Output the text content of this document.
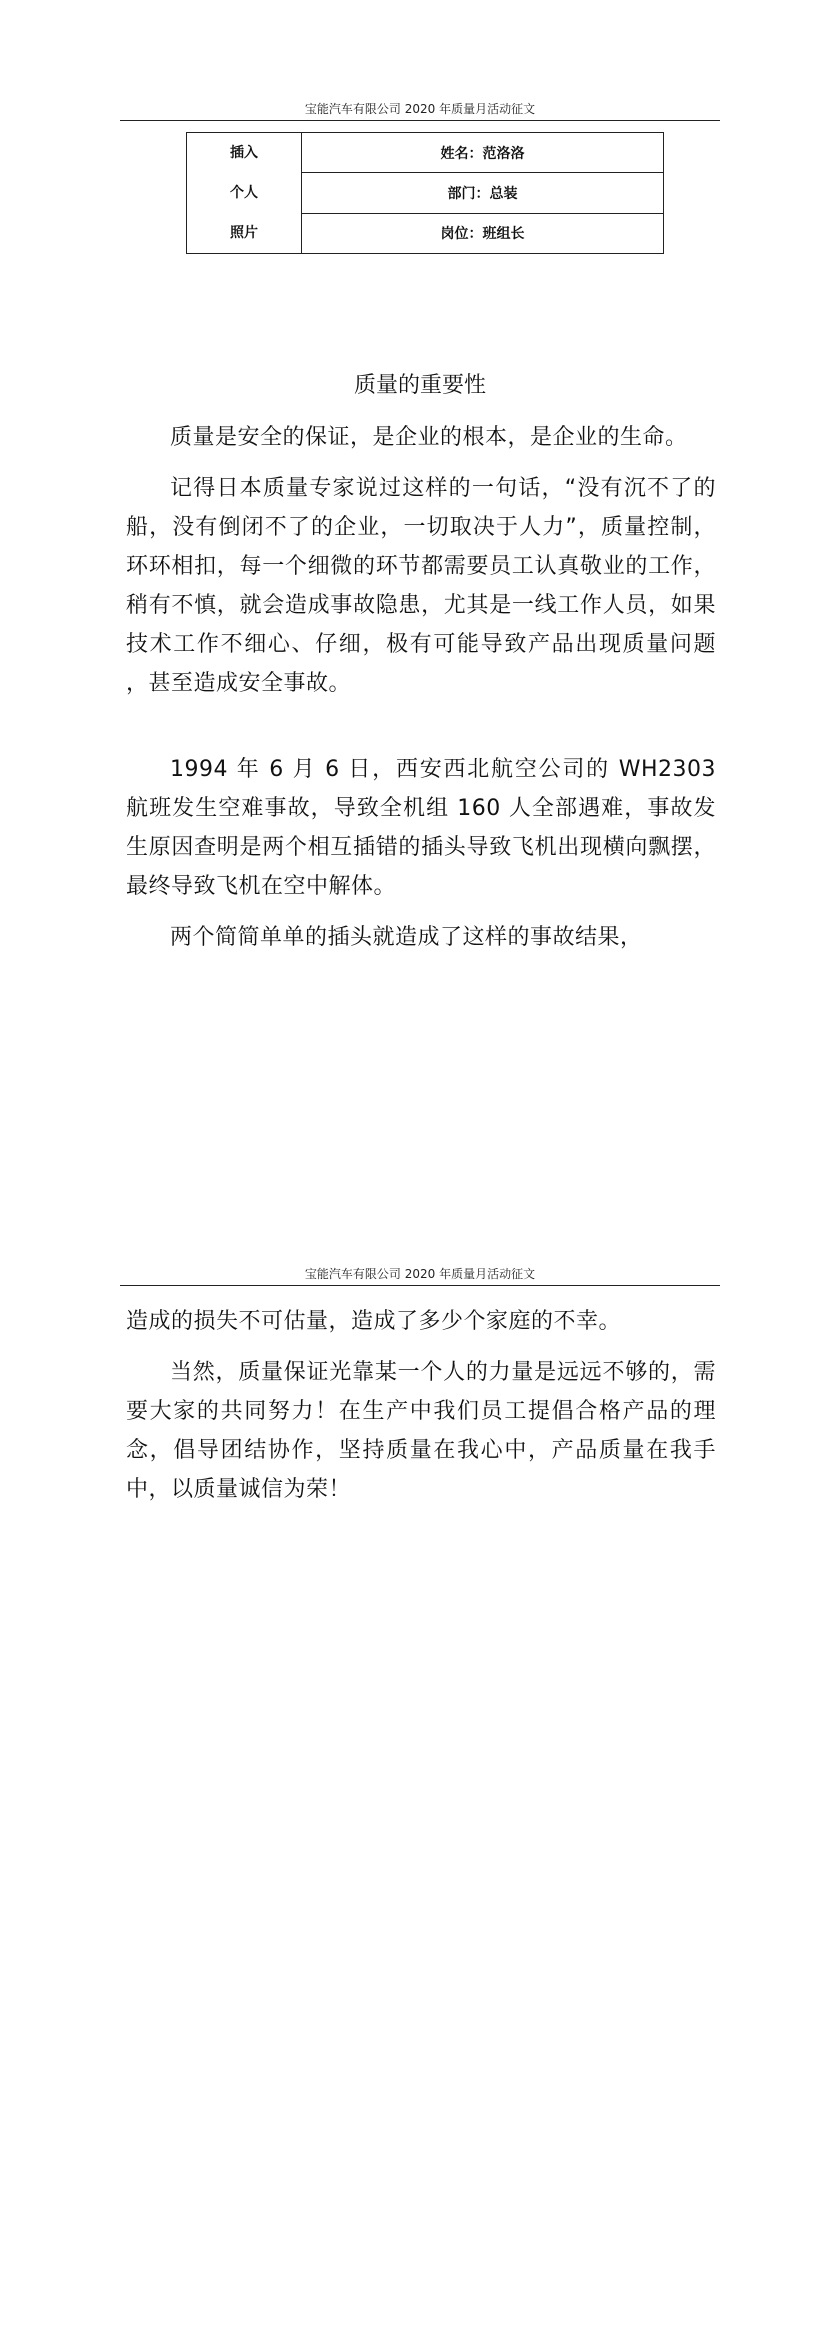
宝能汽车有限公司 2020 年质量月活动征文
插入
个人
照片
	姓名：范洛洛
部门：总装
岗位：班组长
质量的重要性

质量是安全的保证，是企业的根本，是企业的生命。

记得日本质量专家说过这样的一句话，“没有沉不了的船，没有倒闭不了的企业，一切取决于人力”，质量控制，环环相扣，每一个细微的环节都需要员工认真敬业的工作，稍有不慎，就会造成事故隐患，尤其是一线工作人员，如果技术工作不细心、仔细，极有可能导致产品出现质量问题 ，甚至造成安全事故。

1994 年 6 月 6 日，西安西北航空公司的 WH2303 航班发生空难事故，导致全机组 160 人全部遇难，事故发生原因查明是两个相互插错的插头导致飞机出现横向飘摆，最终导致飞机在空中解体。

两个简简单单的插头就造成了这样的事故结果，

宝能汽车有限公司 2020 年质量月活动征文

造成的损失不可估量，造成了多少个家庭的不幸。

当然，质量保证光靠某一个人的力量是远远不够的，需要大家的共同努力！在生产中我们员工提倡合格产品的理念，倡导团结协作，坚持质量在我心中，产品质量在我手中，以质量诚信为荣！
